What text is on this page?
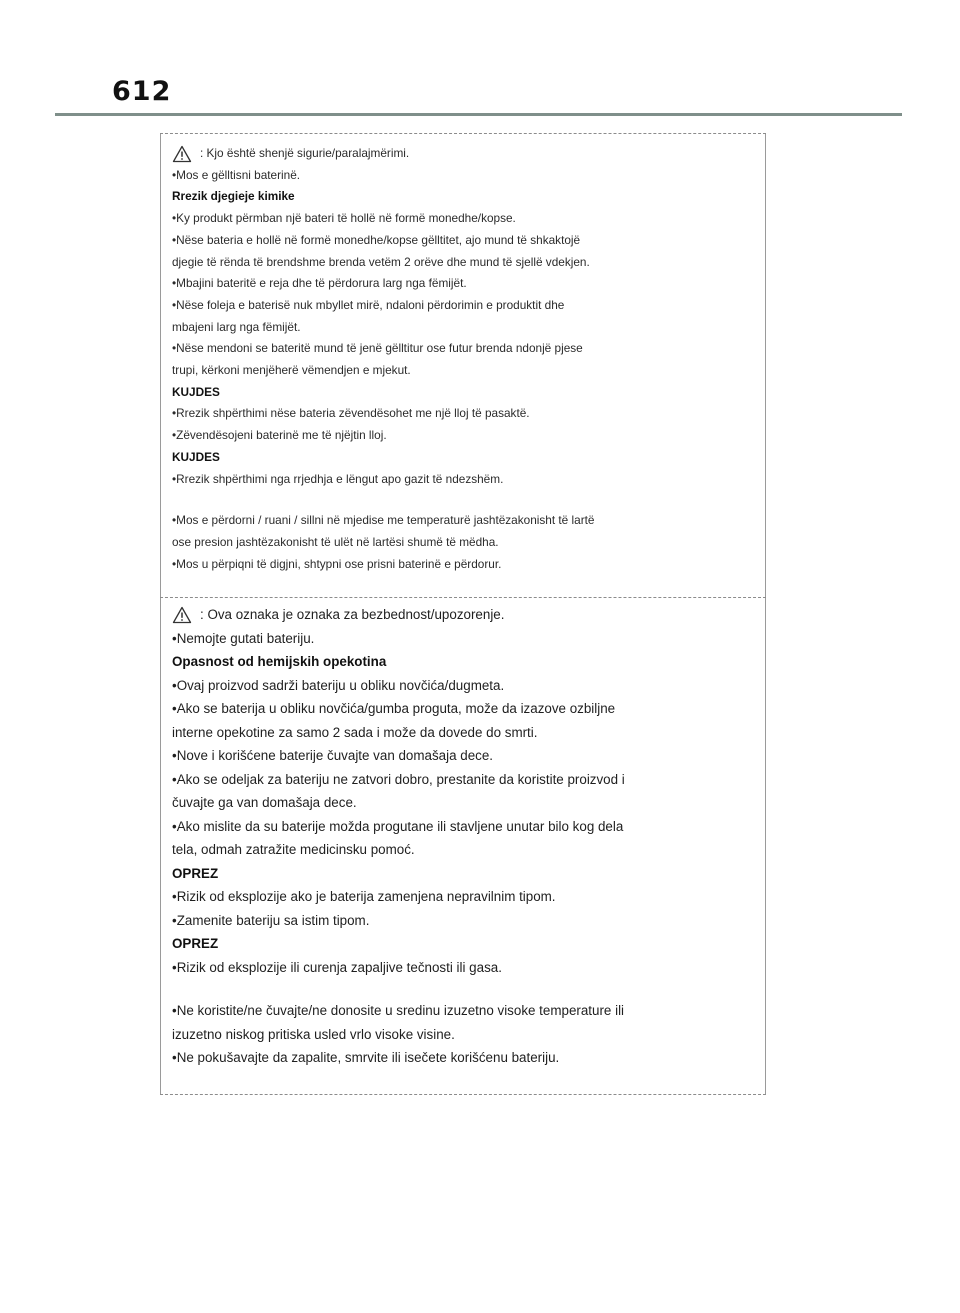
612

: Kjo është shenjë sigurie/paralajmërimi.

•Mos e gëlltisni baterinë.

Rrezik djegieje kimike

•Ky produkt përmban një bateri të hollë në formë monedhe/kopse.

•Nëse bateria e hollë në formë monedhe/kopse gëlltitet, ajo mund të shkaktojë

djegie të rënda të brendshme brenda vetëm 2 orëve dhe mund të sjellë vdekjen.

•Mbajini bateritë e reja dhe të përdorura larg nga fëmijët.

•Nëse foleja e baterisë nuk mbyllet mirë, ndaloni përdorimin e produktit dhe

mbajeni larg nga fëmijët.

•Nëse mendoni se bateritë mund të jenë gëlltitur ose futur brenda ndonjë pjese

trupi, kërkoni menjëherë vëmendjen e mjekut.

KUJDES

•Rrezik shpërthimi nëse bateria zëvendësohet me një lloj të pasaktë.

•Zëvendësojeni baterinë me të njëjtin lloj.

KUJDES

•Rrezik shpërthimi nga rrjedhja e lëngut apo gazit të ndezshëm.

•Mos e përdorni / ruani / sillni në mjedise me temperaturë jashtëzakonisht të lartë

ose presion jashtëzakonisht të ulët në lartësi shumë të mëdha.

•Mos u përpiqni të digjni, shtypni ose prisni baterinë e përdorur.

: Ova oznaka je oznaka za bezbednost/upozorenje.

•Nemojte gutati bateriju.

Opasnost od hemijskih opekotina

•Ovaj proizvod sadrži bateriju u obliku novčića/dugmeta.

•Ako se baterija u obliku novčića/gumba proguta, može da izazove ozbiljne

interne opekotine za samo 2 sada i može da dovede do smrti.

•Nove i korišćene baterije čuvajte van domašaja dece.

•Ako se odeljak za bateriju ne zatvori dobro, prestanite da koristite proizvod i

čuvajte ga van domašaja dece.

•Ako mislite da su baterije možda progutane ili stavljene unutar bilo kog dela

tela, odmah zatražite medicinsku pomoć.

OPREZ

•Rizik od eksplozije ako je baterija zamenjena nepravilnim tipom.

•Zamenite bateriju sa istim tipom.

OPREZ

•Rizik od eksplozije ili curenja zapaljive tečnosti ili gasa.

•Ne koristite/ne čuvajte/ne donosite u sredinu izuzetno visoke temperature ili

izuzetno niskog pritiska usled vrlo visoke visine.

•Ne pokušavajte da zapalite, smrvite ili isečete korišćenu bateriju.
